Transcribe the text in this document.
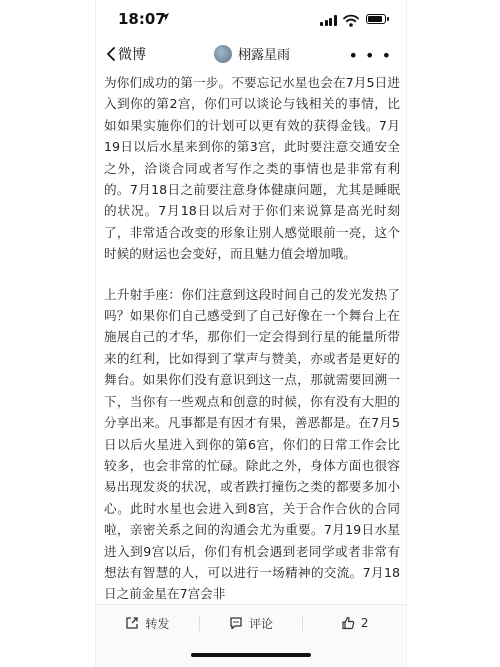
18:07
微博	栩露星雨	• • •

为你们成功的第一步。不要忘记水星也会在7月5日进入到你的第2宫，你们可以谈论与钱相关的事情，比如如果实施你们的计划可以更有效的获得金钱。7月19日以后水星来到你的第3宫，此时要注意交通安全之外，洽谈合同或者写作之类的事情也是非常有利的。7月18日之前要注意身体健康问题，尤其是睡眠的状况。7月18日以后对于你们来说算是高光时刻了，非常适合改变的形象让别人感觉眼前一亮，这个时候的财运也会变好，而且魅力值会增加哦。

上升射手座：你们注意到这段时间自己的发光发热了吗？如果你们自己感受到了自己好像在一个舞台上在施展自己的才华，那你们一定会得到行星的能量所带来的红利，比如得到了掌声与赞美，亦或者是更好的舞台。如果你们没有意识到这一点，那就需要回溯一下，当你有一些观点和创意的时候，你有没有大胆的分享出来。凡事都是有因才有果，善恶都是。在7月5日以后火星进入到你的第6宫，你们的日常工作会比较多，也会非常的忙碌。除此之外，身体方面也很容易出现发炎的状况，或者跌打撞伤之类的都要多加小心。此时水星也会进入到8宫，关于合作合伙的合同啦，亲密关系之间的沟通会尤为重要。7月19日水星进入到9宫以后，你们有机会遇到老同学或者非常有想法有智慧的人，可以进行一场精神的交流。7月18日之前金星在7宫会非

转发	评论	2
